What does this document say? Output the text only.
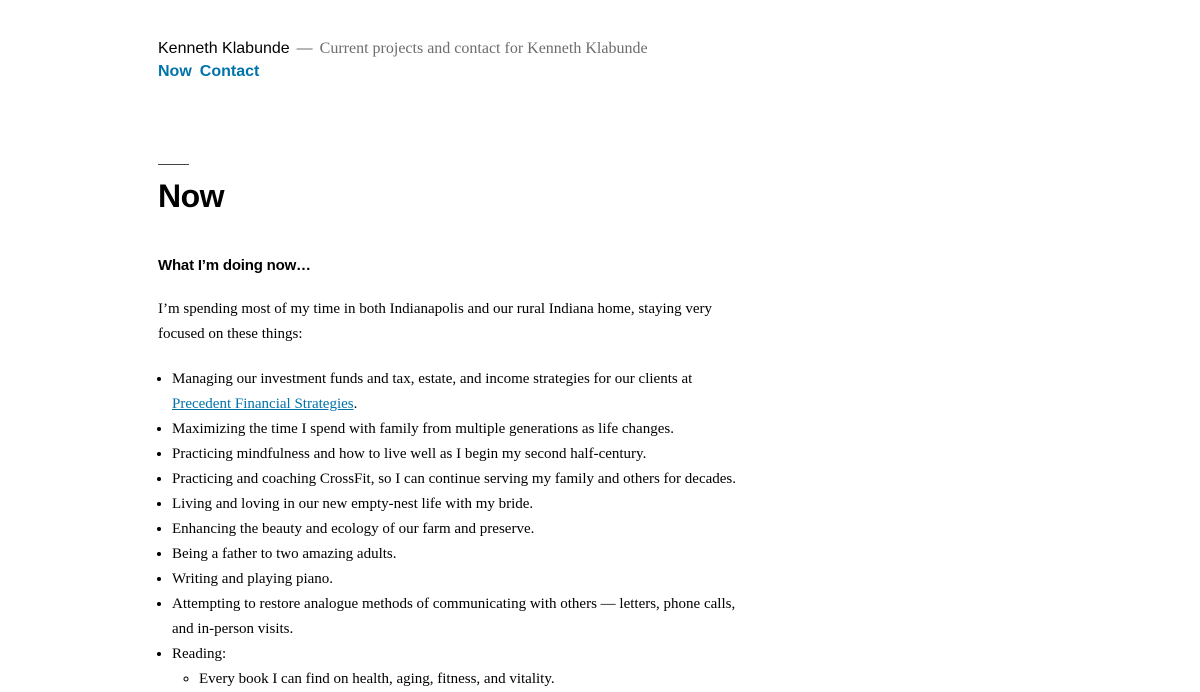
Kenneth Klabunde — Current projects and contact for Kenneth Klabunde
Now Contact
Now
What I’m doing now…

I’m spending most of my time in both Indianapolis and our rural Indiana home, staying very focused on these things:

• Managing our investment funds and tax, estate, and income strategies for our clients at Precedent Financial Strategies.
• Maximizing the time I spend with family from multiple generations as life changes.
• Practicing mindfulness and how to live well as I begin my second half-century.
• Practicing and coaching CrossFit, so I can continue serving my family and others for decades.
• Living and loving in our new empty-nest life with my bride.
• Enhancing the beauty and ecology of our farm and preserve.
• Being a father to two amazing adults.
• Writing and playing piano.
• Attempting to restore analogue methods of communicating with others — letters, phone calls, and in-person visits.
• Reading:
◦ Every book I can find on health, aging, fitness, and vitality.
